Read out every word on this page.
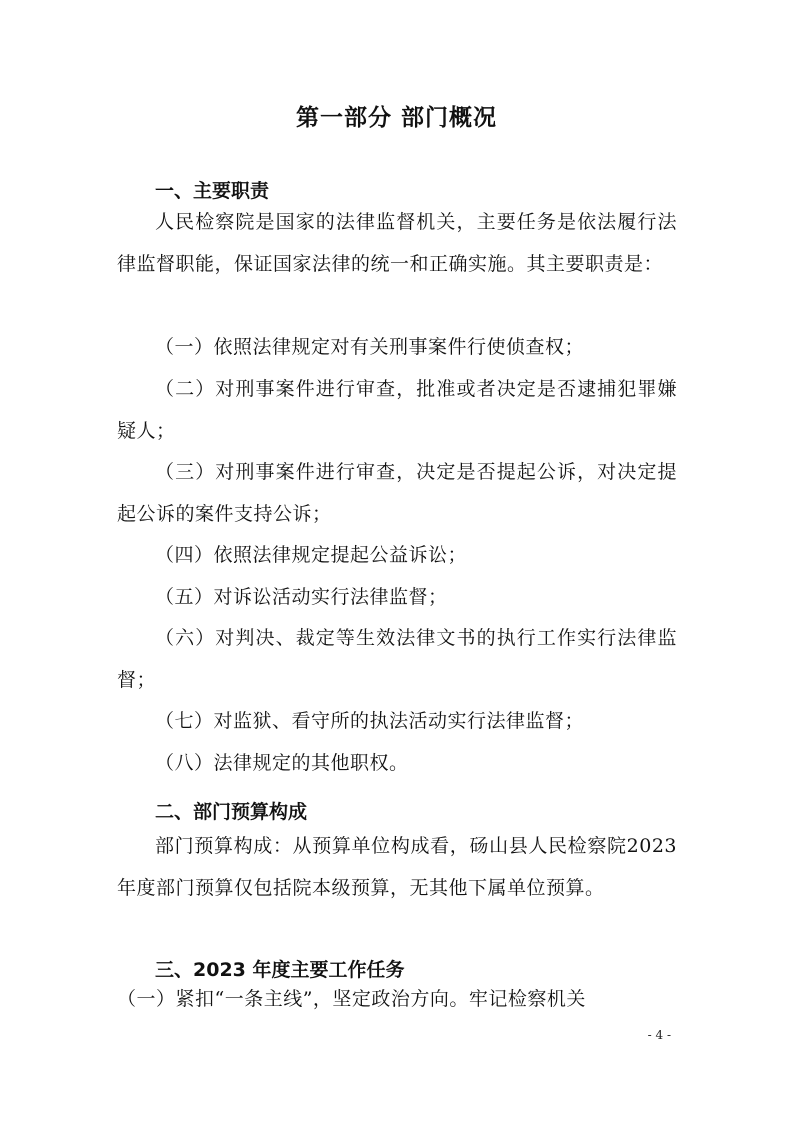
第一部分 部门概况
一、主要职责
人民检察院是国家的法律监督机关，主要任务是依法履行法律监督职能，保证国家法律的统一和正确实施。其主要职责是：
（一）依照法律规定对有关刑事案件行使侦查权；
（二）对刑事案件进行审查，批准或者决定是否逮捕犯罪嫌疑人；
（三）对刑事案件进行审查，决定是否提起公诉，对决定提起公诉的案件支持公诉；
（四）依照法律规定提起公益诉讼；
（五）对诉讼活动实行法律监督；
（六）对判决、裁定等生效法律文书的执行工作实行法律监督；
（七）对监狱、看守所的执法活动实行法律监督；
（八）法律规定的其他职权。
二、部门预算构成
部门预算构成：从预算单位构成看，砀山县人民检察院2023 年度部门预算仅包括院本级预算，无其他下属单位预算。
三、2023 年度主要工作任务
（一）紧扣“一条主线”，坚定政治方向。牢记检察机关
- 4 -
